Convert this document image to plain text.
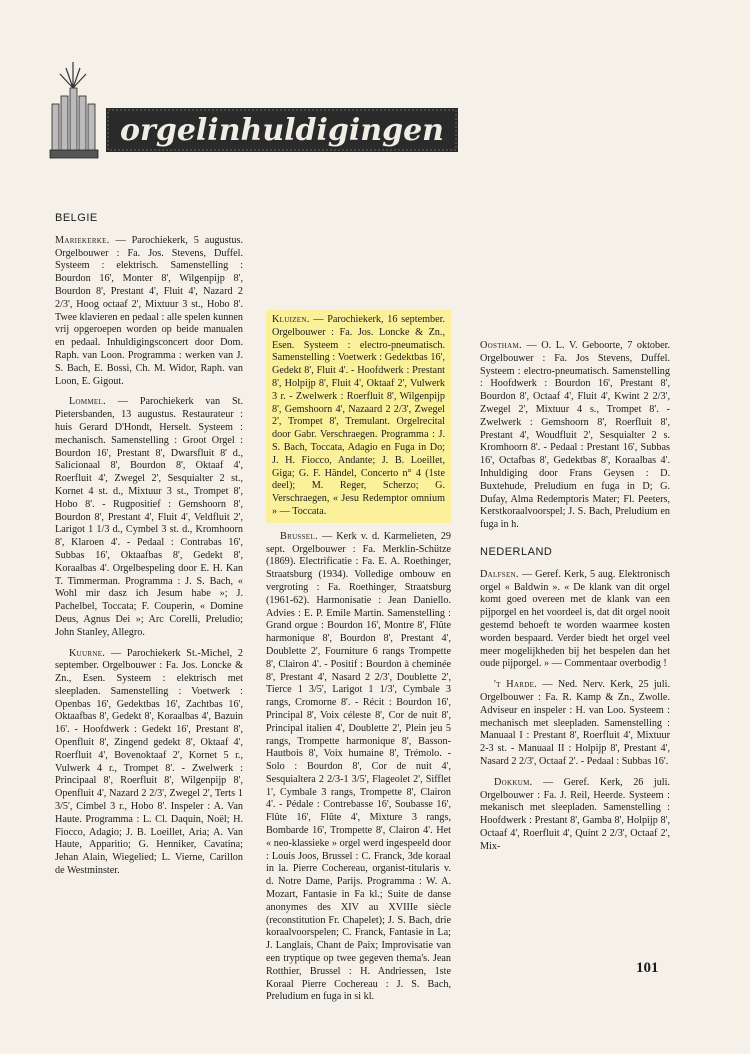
orgelinhuldigingen
BELGIE

Mariekerke. — Parochiekerk, 5 augustus. Orgelbouwer : Fa. Jos. Stevens, Duffel. Systeem : elektrisch. Samenstelling : Bourdon 16', Monter 8', Wilgenpijp 8', Bourdon 8', Prestant 4', Fluit 4', Nazard 2 2/3', Hoog octaaf 2', Mixtuur 3 st., Hobo 8'. Twee klavieren en pedaal : alle spelen kunnen vrij opgeroepen worden op beide manualen en pedaal. Inhuldigingsconcert door Dom. Raph. van Loon. Programma : werken van J. S. Bach, E. Bossi, Ch. M. Widor, Raph. van Loon, E. Gigout.

Lommel. — Parochiekerk van St. Pietersbanden, 13 augustus. Restaurateur : huis Gerard D'Hondt, Herselt. Systeem : mechanisch. Samenstelling : Groot Orgel : Bourdon 16', Prestant 8', Dwarsfluit 8' d., Salicionaal 8', Bourdon 8', Oktaaf 4', Roerfluit 4', Zwegel 2', Sesquialter 2 st., Kornet 4 st. d., Mixtuur 3 st., Trompet 8', Hobo 8'. - Rugpositief : Gemshoorn 8', Bourdon 8', Prestant 4', Fluit 4', Veldfluit 2', Larigot 1 1/3 d., Cymbel 3 st. d., Kromhoorn 8', Klaroen 4'. - Pedaal : Contrabas 16', Subbas 16', Oktaafbas 8', Gedekt 8', Koraalbas 4'. Orgelbespeling door E. H. Kan T. Timmerman. Programma : J. S. Bach, « Wohl mir dasz ich Jesum habe »; J. Pachelbel, Toccata; F. Couperin, « Domine Deus, Agnus Dei »; Arc Corelli, Preludio; John Stanley, Allegro.

Kuurne. — Parochiekerk St.-Michel, 2 september. Orgelbouwer : Fa. Jos. Loncke & Zn., Esen. Systeem : elektrisch met sleepladen. Samenstelling : Voetwerk : Openbas 16', Gedektbas 16', Zachtbas 16', Oktaafbas 8', Gedekt 8', Koraalbas 4', Bazuin 16'. - Hoofdwerk : Gedekt 16', Prestant 8', Openfluit 8', Zingend gedekt 8', Oktaaf 4', Roerfluit 4', Bovenoktaaf 2', Kornet 5 r., Vulwerk 4 r., Trompet 8'. - Zwelwerk : Principaal 8', Roerfluit 8', Wilgenpijp 8', Openfluit 4', Nazard 2 2/3', Zwegel 2', Terts 1 3/5', Cimbel 3 r., Hobo 8'. Inspeler : A. Van Haute. Programma : L. Cl. Daquin, Noël; H. Fiocco, Adagio; J. B. Loeillet, Aria; A. Van Haute, Apparitio; G. Henniker, Cavatina; Jehan Alain, Wiegelied; L. Vierne, Carillon de Westminster.

Kluizen. — Parochiekerk, 16 september. Orgelbouwer : Fa. Jos. Loncke & Zn., Esen. Systeem : electro-pneumatisch. Samenstelling : Voetwerk : Gedektbas 16', Gedekt 8', Fluit 4'. - Hoofdwerk : Prestant 8', Holpijp 8', Fluit 4', Oktaaf 2', Vulwerk 3 r. - Zwelwerk : Roerfluit 8', Wilgenpijp 8', Gemshoorn 4', Nazaard 2 2/3', Zwegel 2', Trompet 8', Tremulant. Orgelrecital door Gabr. Verschraegen. Programma : J. S. Bach, Toccata, Adagio en Fuga in Do; J. H. Fiocco, Andante; J. B. Loeillet, Giga; G. F. Händel, Concerto n° 4 (1ste deel); M. Reger, Scherzo; G. Verschraegen, « Jesu Redemptor omnium » — Toccata.

Brussel. — Kerk v. d. Karmelieten, 29 sept. Orgelbouwer : Fa. Merklin-Schütze (1869). Electrificatie : Fa. E. A. Roethinger, Straatsburg (1934). Volledige ombouw en vergroting : Fa. Roethinger, Straatsburg (1961-62). Harmonisatie : Jean Daniello. Advies : E. P. Emile Martin. Samenstelling : Grand orgue : Bourdon 16', Montre 8', Flûte harmonique 8', Bourdon 8', Prestant 4', Doublette 2', Fourniture 6 rangs Trompette 8', Clairon 4'. - Positif : Bourdon à cheminée 8', Prestant 4', Nasard 2 2/3', Doublette 2', Tierce 1 3/5', Larigot 1 1/3', Cymbale 3 rangs, Cromorne 8'. - Récit : Bourdon 16', Principal 8', Voix céleste 8', Cor de nuit 8', Principal italien 4', Doublette 2', Plein jeu 5 rangs, Trompette harmonique 8', Basson-Hautbois 8', Voix humaine 8', Trémolo. - Solo : Bourdon 8', Cor de nuit 4', Sesquialtera 2 2/3-1 3/5', Flageolet 2', Sifflet 1', Cymbale 3 rangs, Trompette 8', Clairon 4'. - Pédale : Contrebasse 16', Soubasse 16', Flûte 16', Flûte 4', Mixture 3 rangs, Bombarde 16', Trompette 8', Clairon 4'. Het « neo-klassieke » orgel werd ingespeeld door : Louis Joos, Brussel : C. Franck, 3de koraal in la. Pierre Cochereau, organist-titularis v. d. Notre Dame, Parijs. Programma : W. A. Mozart, Fantasie in Fa kl.; Suite de danse anonymes des XIV au XVIIIe siècle (reconstitution Fr. Chapelet); J. S. Bach, drie koraalvoorspelen; C. Franck, Fantasie in La; J. Langlais, Chant de Paix; Improvisatie van een tryptique op twee gegeven thema's. Jean Rotthier, Brussel : H. Andriessen, 1ste Koraal Pierre Cochereau : J. S. Bach, Preludium en fuga in si kl.

Oostham. — O. L. V. Geboorte, 7 oktober. Orgelbouwer : Fa. Jos Stevens, Duffel. Systeem : electro-pneumatisch. Samenstelling : Hoofdwerk : Bourdon 16', Prestant 8', Bourdon 8', Octaaf 4', Fluit 4', Kwint 2 2/3', Zwegel 2', Mixtuur 4 s., Trompet 8'. - Zwelwerk : Gemshoorn 8', Roerfluit 8', Prestant 4', Woudfluit 2', Sesquialter 2 s. Kromhoorn 8'. - Pedaal : Prestant 16', Subbas 16', Octafbas 8', Gedektbas 8', Koraalbas 4'. Inhuldiging door Frans Geysen : D. Buxtehude, Preludium en fuga in D; G. Dufay, Alma Redemptoris Mater; Fl. Peeters, Kerstkoraalvoorspel; J. S. Bach, Preludium en fuga in h.

NEDERLAND

Dalfsen. — Geref. Kerk, 5 aug. Elektronisch orgel « Baldwin ». « De klank van dit orgel komt goed overeen met de klank van een pijporgel en het voordeel is, dat dit orgel nooit gestemd behoeft te worden waarmee kosten worden bespaard. Verder biedt het orgel veel meer mogelijkheden bij het bespelen dan het oude pijporgel. » — Commentaar overbodig !

't Harde. — Ned. Nerv. Kerk, 25 juli. Orgelbouwer : Fa. R. Kamp & Zn., Zwolle. Adviseur en inspeler : H. van Loo. Systeem : mechanisch met sleepladen. Samenstelling : Manuaal I : Prestant 8', Roerfluit 4', Mixtuur 2-3 st. - Manuaal II : Holpijp 8', Prestant 4', Nasard 2 2/3', Octaaf 2'. - Pedaal : Subbas 16'.

Dokkum. — Geref. Kerk, 26 juli. Orgelbouwer : Fa. J. Reil, Heerde. Systeem : mekanisch met sleepladen. Samenstelling : Hoofdwerk : Prestant 8', Gamba 8', Holpijp 8', Octaaf 4', Roerfluit 4', Quint 2 2/3', Octaaf 2', Mix-

101
